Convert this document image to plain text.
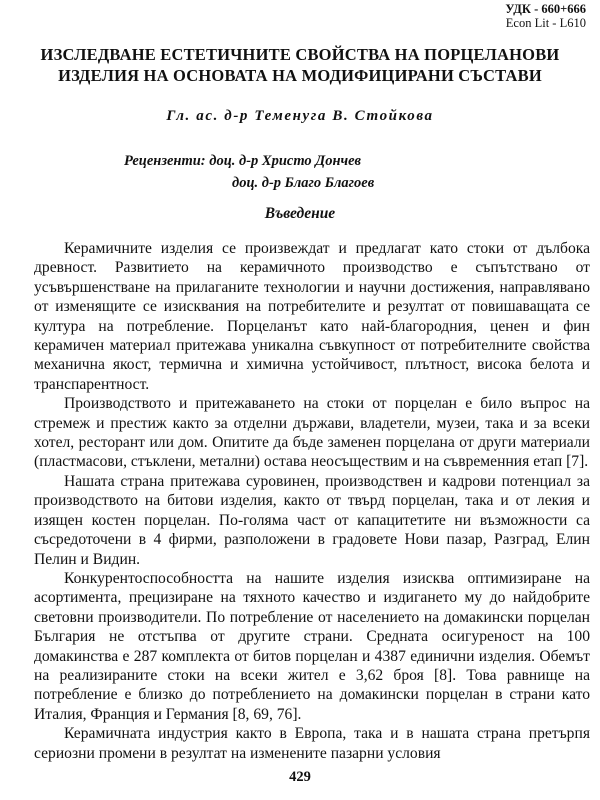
УДК - 660+666
Econ Lit - L610
ИЗСЛЕДВАНЕ ЕСТЕТИЧНИТЕ СВОЙСТВА НА ПОРЦЕЛАНОВИ ИЗДЕЛИЯ НА ОСНОВАТА НА МОДИФИЦИРАНИ СЪСТАВИ
Гл. ас. д-р Теменуга В. Стойкова
Рецензенти: доц. д-р Христо Дончев
доц. д-р Благо Благоев
Въведение

Керамичните изделия се произвеждат и предлагат като стоки от дълбока древност. Развитието на керамичното производство е съпътствано от усъвършенстване на прилаганите технологии и научни достижения, направлявано от изменящите се изисквания на потребителите и резултат от повишаващата се култура на потребление. Порцеланът като най-благородния, ценен и фин керамичен материал притежава уникална съвкупност от потребителните свойства механична якост, термична и химична устойчивост, плътност, висока белота и транспарентност.

Производството и притежаването на стоки от порцелан е било въпрос на стремеж и престиж както за отделни държави, владетели, музеи, така и за всеки хотел, ресторант или дом. Опитите да бъде заменен порцелана от други материали (пластмасови, стъклени, метални) остава неосъществим и на съвременния етап [7].

Нашата страна притежава суровинен, производствен и кадрови потенциал за производството на битови изделия, както от твърд порцелан, така и от лекия и изящен костен порцелан. По-голяма част от капацитетите ни възможности са съсредоточени в 4 фирми, разположени в градовете Нови пазар, Разград, Елин Пелин и Видин.

Конкурентоспособността на нашите изделия изисква оптимизиране на асортимента, прецизиране на тяхното качество и издигането му до найдобрите световни производители. По потребление от населението на домакински порцелан България не отстъпва от другите страни. Средната осигуреност на 100 домакинства е 287 комплекта от битов порцелан и 4387 единични изделия. Обемът на реализираните стоки на всеки жител е 3,62 броя [8]. Това равнище на потребление е близко до потреблението на домакински порцелан в страни като Италия, Франция и Германия [8, 69, 76].

Керамичната индустрия както в Европа, така и в нашата страна претърпя сериозни промени в резултат на изменените пазарни условия

429
